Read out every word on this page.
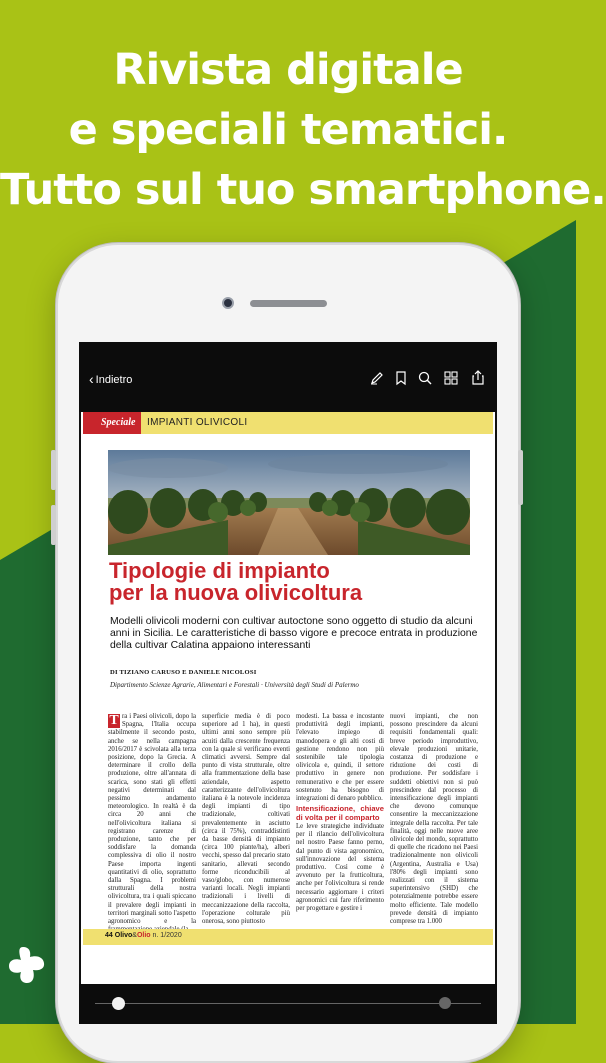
Rivista digitale
e speciali tematici.
Tutto sul tuo smartphone.
‹ Indietro
Speciale	IMPIANTI OLIVICOLI
Tipologie di impianto
per la nuova olivicoltura
Modelli olivicoli moderni con cultivar autoctone sono oggetto di studio da alcuni anni in Sicilia. Le caratteristiche di basso vigore e precoce entrata in produzione della cultivar Calatina appaiono interessanti
DI TIZIANO CARUSO E DANIELE NICOLOSI
Dipartimento Scienze Agrarie, Alimentari e Forestali · Università degli Studi di Palermo
T ra i Paesi olivicoli, dopo la Spagna, l'Italia occupa stabilmente il secondo posto, anche se nella campagna 2016/2017 è scivolata alla terza posizione, dopo la Grecia. A determinare il crollo della produzione, oltre all'annata di scarica, sono stati gli effetti negativi determinati dal pessimo andamento meteorologico. In realtà è da circa 20 anni che nell'olivicoltura italiana si registrano carenze di produzione, tanto che per soddisfare la domanda complessiva di olio il nostro Paese importa ingenti quantitativi di olio, soprattutto dalla Spagna. I problemi strutturali della nostra olivicoltura, tra i quali spiccano il prevalere degli impianti in territori marginali sotto l'aspetto agronomico e la
superficie media è di poco superiore ad 1 ha), in questi ultimi anni sono sempre più acuiti dalla crescente frequenza con la quale si verificano eventi climatici avversi. Sempre dal punto di vista strutturale, oltre alla frammentazione della base aziendale, aspetto caratterizzante dell'olivicoltura italiana è la notevole incidenza degli impianti di tipo tradizionale, coltivati prevalentemente in asciutto (circa il 75%), contraddistinti da basse densità di impianto (circa 100 piante/ha), alberi vecchi, spesso dal precario stato sanitario, allevati secondo forme riconducibili al vaso/globo, con numerose varianti locali. Negli impianti tradizionali i livelli di meccanizzazione della raccolta, l'operazione colturale più onerosa, sono piuttosto
modesti. La bassa e incostante produttività degli impianti, l'elevato impiego di manodopera e gli alti costi di gestione rendono non più sostenibile tale tipologia olivicola e, quindi, il settore produttivo in genere non remunerativo e che per essere sostenuto ha bisogno di integrazioni di denaro pubblico.
Intensificazione, chiave di volta per il comparto
Le leve strategiche individuate per il rilancio dell'olivicoltura nel nostro Paese fanno perno, dal punto di vista agronomico, sull'innovazione del sistema produttivo. Così come è avvenuto per la frutticoltura, anche per l'olivicoltura si rende necessario aggiornare i criteri agronomici cui fare riferimento per progettare e gestire i
nuovi impianti, che non possono prescindere da alcuni requisiti fondamentali quali: breve periodo improduttivo, elevale produzioni unitarie, costanza di produzione e riduzione dei costi di produzione. Per soddisfare i suddetti obiettivi non si può prescindere dal processo di intensificazione degli impianti che devono comunque consentire la meccanizzazione integrale della raccolta. Per tale finalità, oggi nelle nuove aree olivicole del mondo, soprattutto di quelle che ricadono nei Paesi tradizionalmente non olivicoli (Argentina, Australia e Usa) l'80% degli impianti sono realizzati con il sistema superintensivo (SHD) che potenzialmente potrebbe essere molto efficiente. Tale modello prevede densità di impianto comprese tra 1.000
44 Olivo&Olio n. 1/2020
